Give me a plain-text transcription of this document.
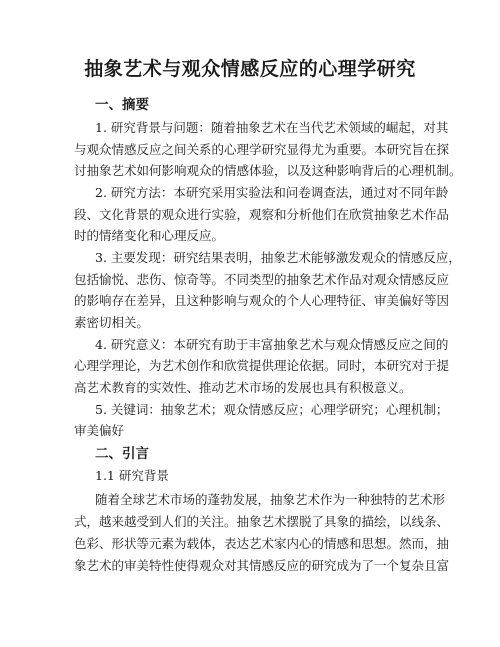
抽象艺术与观众情感反应的心理学研究
一、摘要
1. 研究背景与问题：随着抽象艺术在当代艺术领域的崛起，对其
与观众情感反应之间关系的心理学研究显得尤为重要。本研究旨在探
讨抽象艺术如何影响观众的情感体验，以及这种影响背后的心理机制。
2. 研究方法：本研究采用实验法和问卷调查法，通过对不同年龄
段、文化背景的观众进行实验，观察和分析他们在欣赏抽象艺术作品
时的情绪变化和心理反应。
3. 主要发现：研究结果表明，抽象艺术能够激发观众的情感反应，
包括愉悦、悲伤、惊奇等。不同类型的抽象艺术作品对观众情感反应
的影响存在差异，且这种影响与观众的个人心理特征、审美偏好等因
素密切相关。
4. 研究意义：本研究有助于丰富抽象艺术与观众情感反应之间的
心理学理论，为艺术创作和欣赏提供理论依据。同时，本研究对于提
高艺术教育的实效性、推动艺术市场的发展也具有积极意义。
5. 关键词：抽象艺术；观众情感反应；心理学研究；心理机制；
审美偏好
二、引言
1.1 研究背景
随着全球艺术市场的蓬勃发展，抽象艺术作为一种独特的艺术形
式，越来越受到人们的关注。抽象艺术摆脱了具象的描绘，以线条、
色彩、形状等元素为载体，表达艺术家内心的情感和思想。然而，抽
象艺术的审美特性使得观众对其情感反应的研究成为了一个复杂且富
